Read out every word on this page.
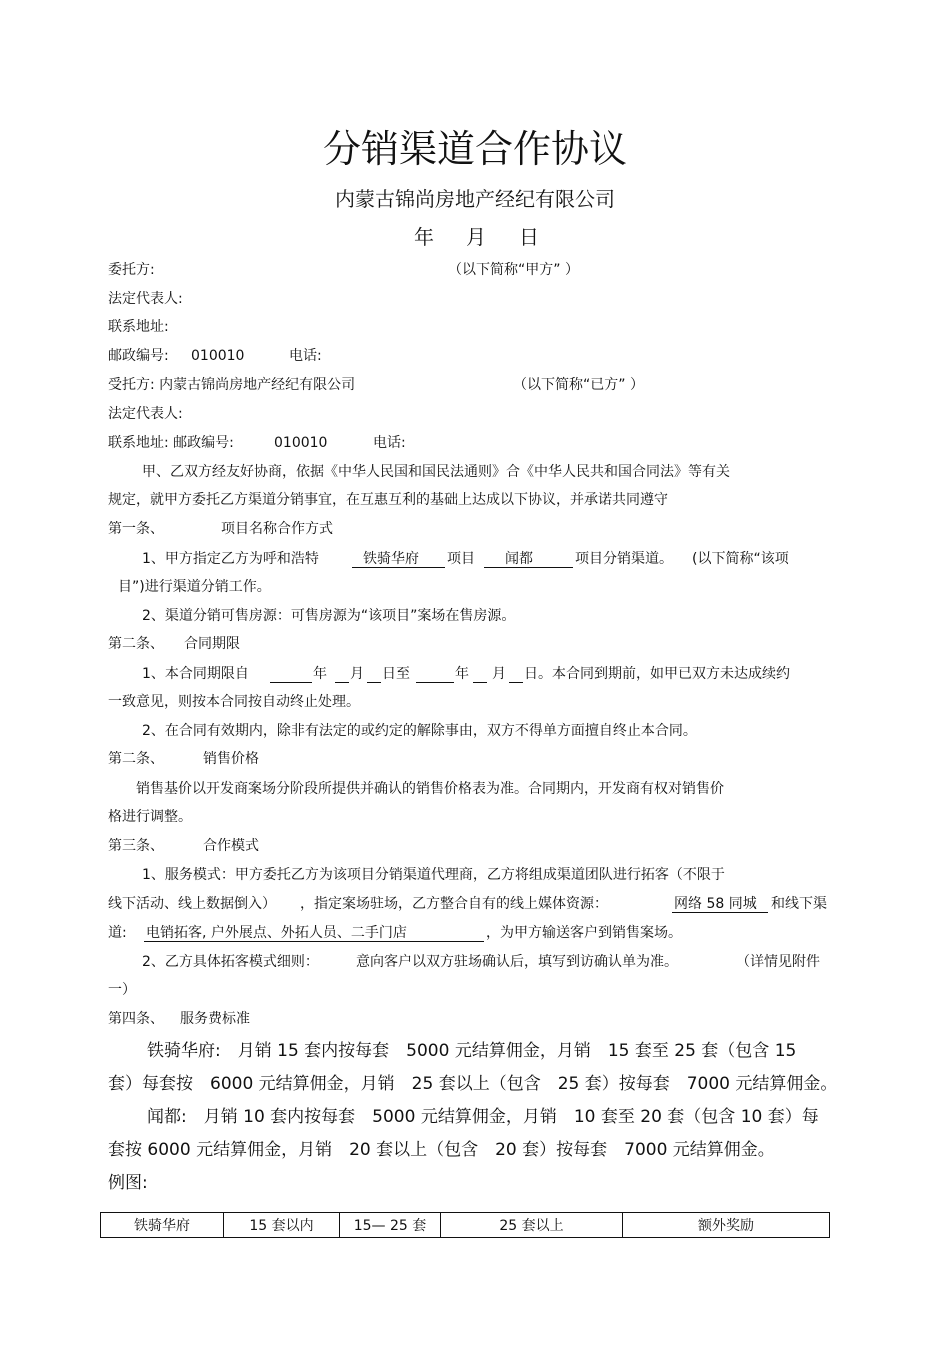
分销渠道合作协议
内蒙古锦尚房地产经纪有限公司
年 月 日
委托方:	（以下简称“甲方” ）
法定代表人:
联系地址:
邮政编号: 010010	电话:
受托方: 内蒙古锦尚房地产经纪有限公司	（以下简称“已方” ）
法定代表人:
联系地址: 邮政编号:	010010	电话:
甲、乙双方经友好协商，依据《中华人民国和国民法通则》合《中华人民共和国合同法》等有关
规定，就甲方委托乙方渠道分销事宜，在互惠互利的基础上达成以下协议，并承诺共同遵守
第一条、	项目名称合作方式
1、甲方指定乙方为呼和浩特	铁骑华府 项目 闻都	项目分销渠道。 (以下简称“该项
目”)进行渠道分销工作。
2、渠道分销可售房源：可售房源为“该项目”案场在售房源。
第二条、 合同期限
1、本合同期限自	年 月 日至	年 月 日。本合同到期前，如甲已双方未达成续约
一致意见，则按本合同按自动终止处理。
2、在合同有效期内，除非有法定的或约定的解除事由，双方不得单方面擅自终止本合同。
第二条、	销售价格
销售基价以开发商案场分阶段所提供并确认的销售价格表为准。合同期内，开发商有权对销售价
格进行调整。
第三条、	合作模式
1、服务模式：甲方委托乙方为该项目分销渠道代理商，乙方将组成渠道团队进行拓客（不限于
线下活动、线上数据倒入） ，指定案场驻场，乙方整合自有的线上媒体资源：	网络 58 同城 和线下渠
道: 电销拓客, 户外展点、外拓人员、二手门店	，为甲方输送客户到销售案场。
2、乙方具体拓客模式细则：	意向客户以双方驻场确认后，填写到访确认单为准。	（详情见附件
一）
第四条、 服务费标准
铁骑华府:　月销 15 套内按每套　5000 元结算佣金，月销　15 套至 25 套（包含 15
套）每套按　6000 元结算佣金，月销　25 套以上（包含　25 套）按每套　7000 元结算佣金。
闻都:　月销 10 套内按每套　5000 元结算佣金，月销　10 套至 20 套（包含 10 套）每
套按 6000 元结算佣金，月销　20 套以上（包含　20 套）按每套　7000 元结算佣金。
例图:
铁骑华府	15 套以内	15— 25 套	25 套以上	额外奖励
